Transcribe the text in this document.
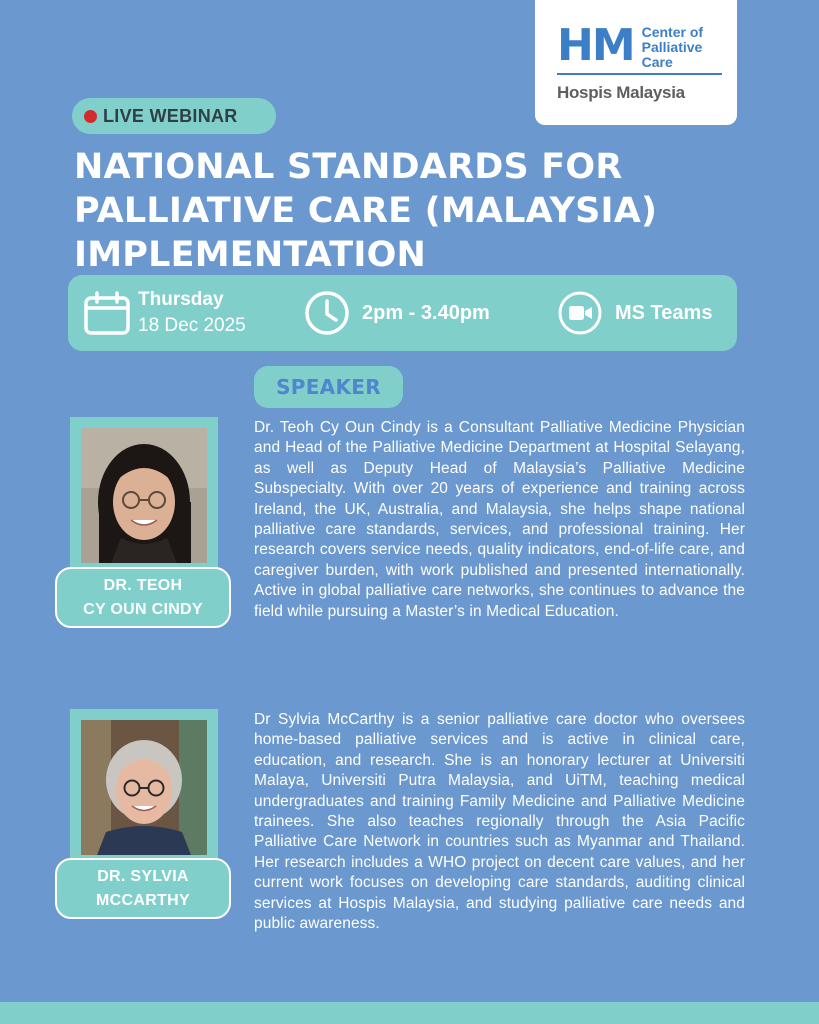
HM Center of
Palliative
Care
Hospis Malaysia
LIVE WEBINAR
NATIONAL STANDARDS FOR
PALLIATIVE CARE (MALAYSIA)
IMPLEMENTATION
Thursday
18 Dec 2025
2pm - 3.40pm	MS Teams
SPEAKER
DR. TEOH
CY OUN CINDY
Dr. Teoh Cy Oun Cindy is a Consultant Palliative Medicine Physician and Head of the Palliative Medicine Department at Hospital Selayang, as well as Deputy Head of Malaysia’s Palliative Medicine Subspecialty. With over 20 years of experience and training across Ireland, the UK, Australia, and Malaysia, she helps shape national palliative care standards, services, and professional training. Her research covers service needs, quality indicators, end-of-life care, and caregiver burden, with work published and presented internationally. Active in global palliative care networks, she continues to advance the field while pursuing a Master’s in Medical Education.
DR. SYLVIA
MCCARTHY
Dr Sylvia McCarthy is a senior palliative care doctor who oversees home-based palliative services and is active in clinical care, education, and research. She is an honorary lecturer at Universiti Malaya, Universiti Putra Malaysia, and UiTM, teaching medical undergraduates and training Family Medicine and Palliative Medicine trainees. She also teaches regionally through the Asia Pacific Palliative Care Network in countries such as Myanmar and Thailand. Her research includes a WHO project on decent care values, and her current work focuses on developing care standards, auditing clinical services at Hospis Malaysia, and studying palliative care needs and public awareness.
